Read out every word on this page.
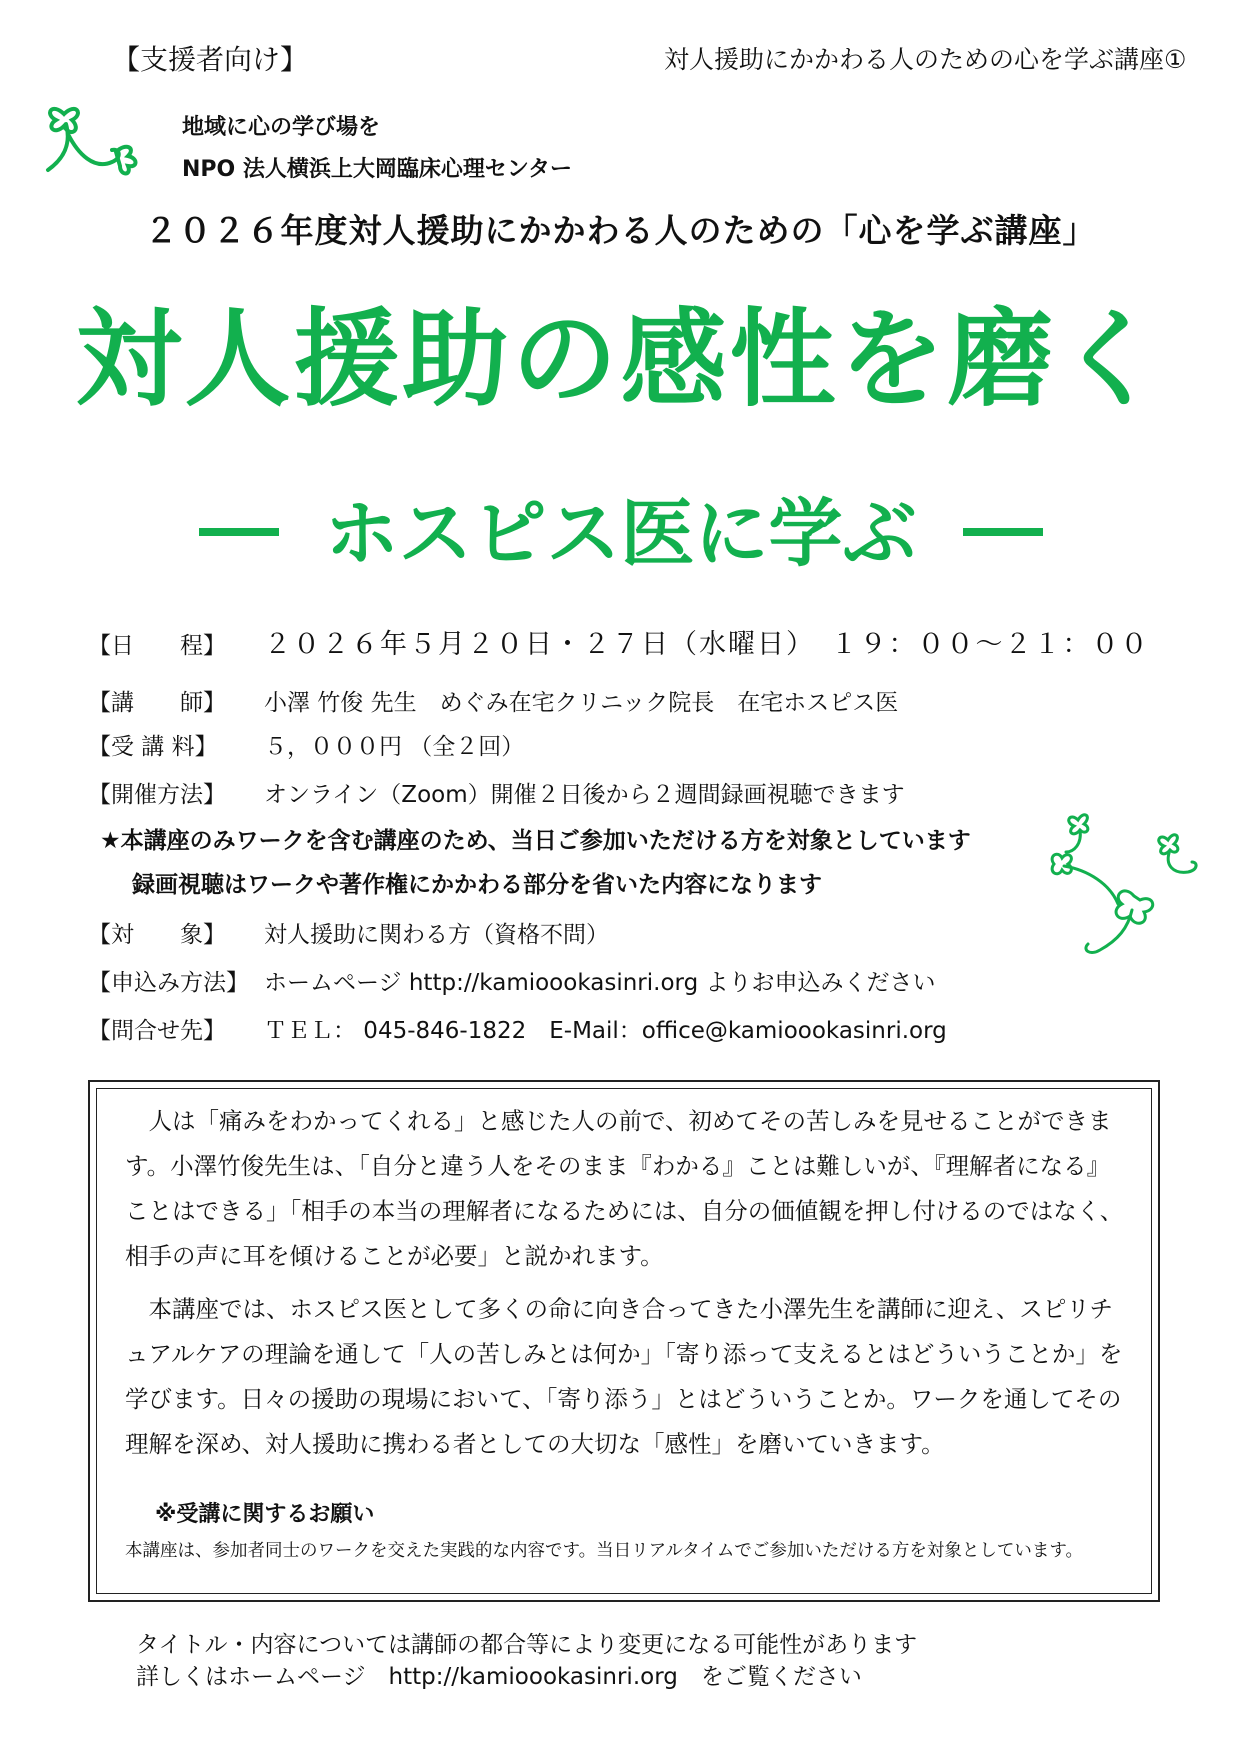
【支援者向け】	対人援助にかかわる人のための心を学ぶ講座①
地域に心の学び場を
NPO 法人横浜上大岡臨床心理センター
２０２６年度対人援助にかかわる人のための「心を学ぶ講座」
対人援助の感性を磨く
ホスピス医に学ぶ
【日　　程】 ２０２６年５月２０日・２７日（水曜日）　１９：００～２１：００
【講　　師】 小澤 竹俊 先生　めぐみ在宅クリニック院長　在宅ホスピス医
【受 講 料】 ５，０００円 （全２回）
【開催方法】 オンライン（Zoom）開催２日後から２週間録画視聴できます
★本講座のみワークを含む講座のため、当日ご参加いただける方を対象としています
録画視聴はワークや著作権にかかわる部分を省いた内容になります
【対　　象】 対人援助に関わる方（資格不問）
【申込み方法】 ホームページ http://kamioookasinri.org よりお申込みください
【問合せ先】 ＴＥＬ： 045-846-1822　E-Mail：office@kamioookasinri.org

人は「痛みをわかってくれる」と感じた人の前で、初めてその苦しみを見せることができます。小澤竹俊先生は、「自分と違う人をそのまま『わかる』ことは難しいが、『理解者になる』ことはできる」「相手の本当の理解者になるためには、自分の価値観を押し付けるのではなく、相手の声に耳を傾けることが必要」と説かれます。

本講座では、ホスピス医として多くの命に向き合ってきた小澤先生を講師に迎え、スピリチュアルケアの理論を通して「人の苦しみとは何か」「寄り添って支えるとはどういうことか」を学びます。日々の援助の現場において、「寄り添う」とはどういうことか。ワークを通してその理解を深め、対人援助に携わる者としての大切な「感性」を磨いていきます。

※受講に関するお願い
本講座は、参加者同士のワークを交えた実践的な内容です。当日リアルタイムでご参加いただける方を対象としています。
タイトル・内容については講師の都合等により変更になる可能性があります
詳しくはホームページ　http://kamioookasinri.org　をご覧ください
